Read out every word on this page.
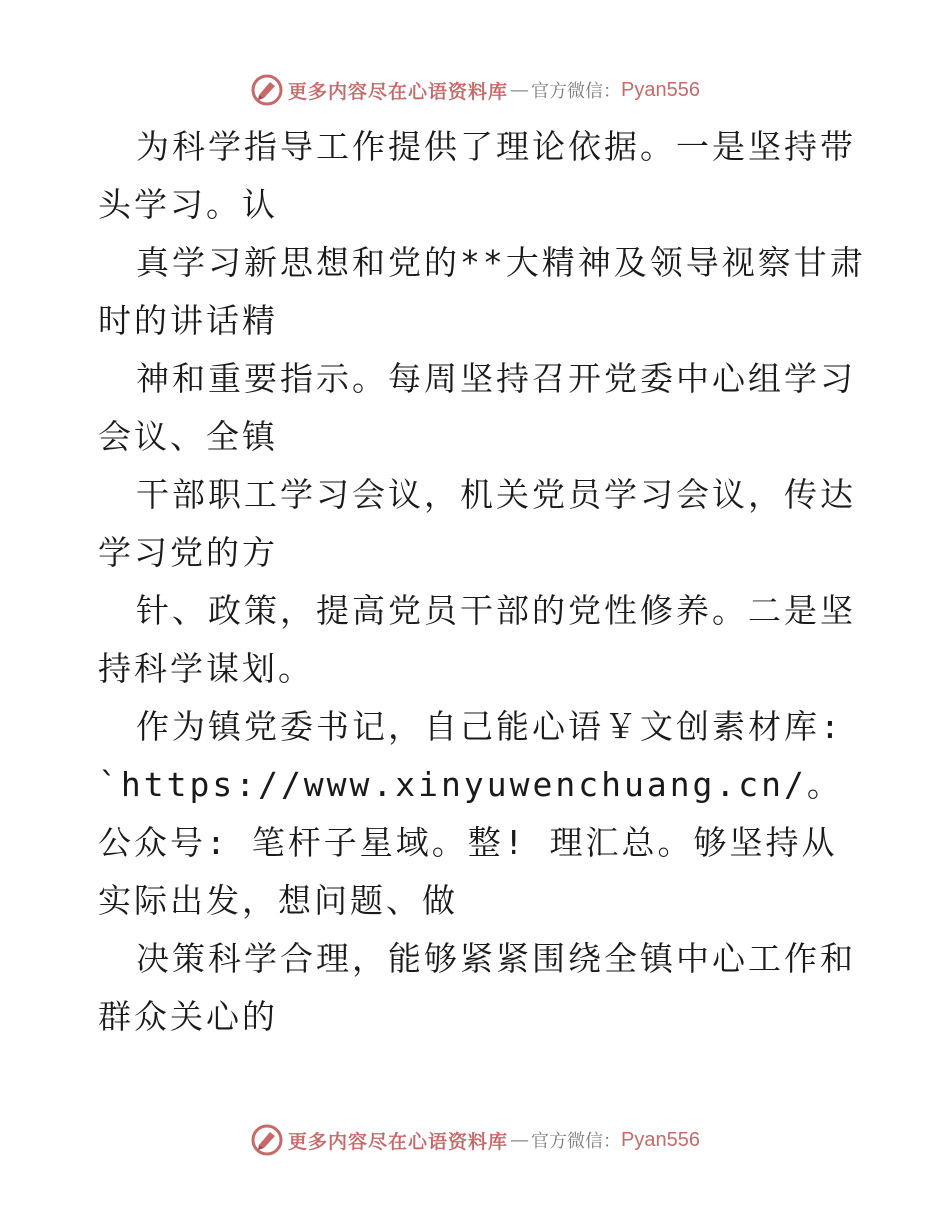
更多内容尽在心语资料库 — 官方微信： Pyan556

为科学指导工作提供了理论依据。一是坚持带头学习。认

真学习新思想和党的**大精神及领导视察甘肃时的讲话精

神和重要指示。每周坚持召开党委中心组学习会议、全镇

干部职工学习会议，机关党员学习会议，传达学习党的方

针、政策，提高党员干部的党性修养。二是坚持科学谋划。

作为镇党委书记，自己能心语￥文创素材库: `https://www.xinyuwenchuang.cn/。公众号: 笔杆子星域。整! 理汇总。够坚持从实际出发，想问题、做

决策科学合理，能够紧紧围绕全镇中心工作和群众关心的

更多内容尽在心语资料库 — 官方微信： Pyan556
